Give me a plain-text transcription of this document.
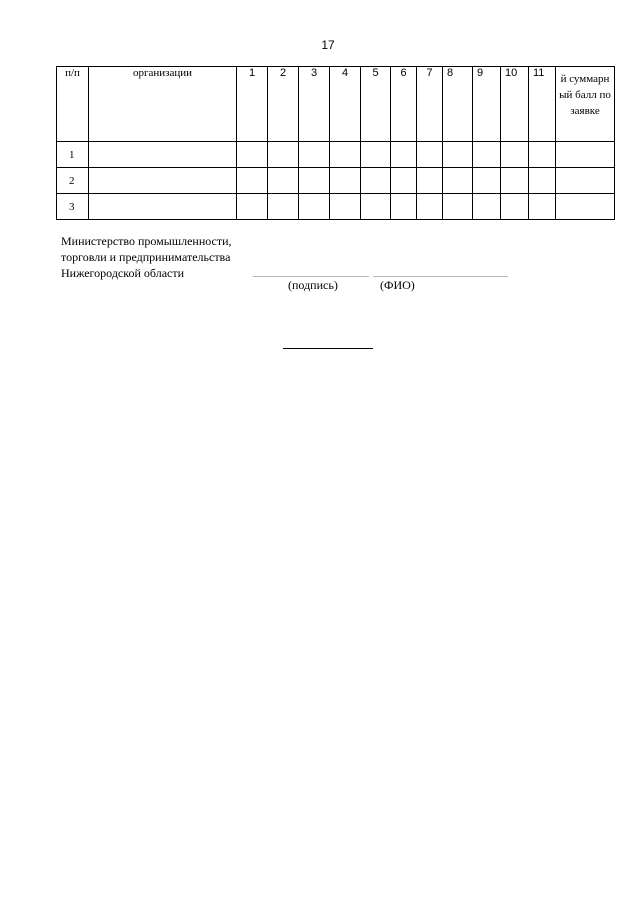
17
п/п	организации	1	2	3	4	5	6	7	8	9	10	11	й суммарн ый балл по заявке
1													
2													
3													
Министерство промышленности,
торговли и предпринимательства
Нижегородской области
(подпись)	(ФИО)
